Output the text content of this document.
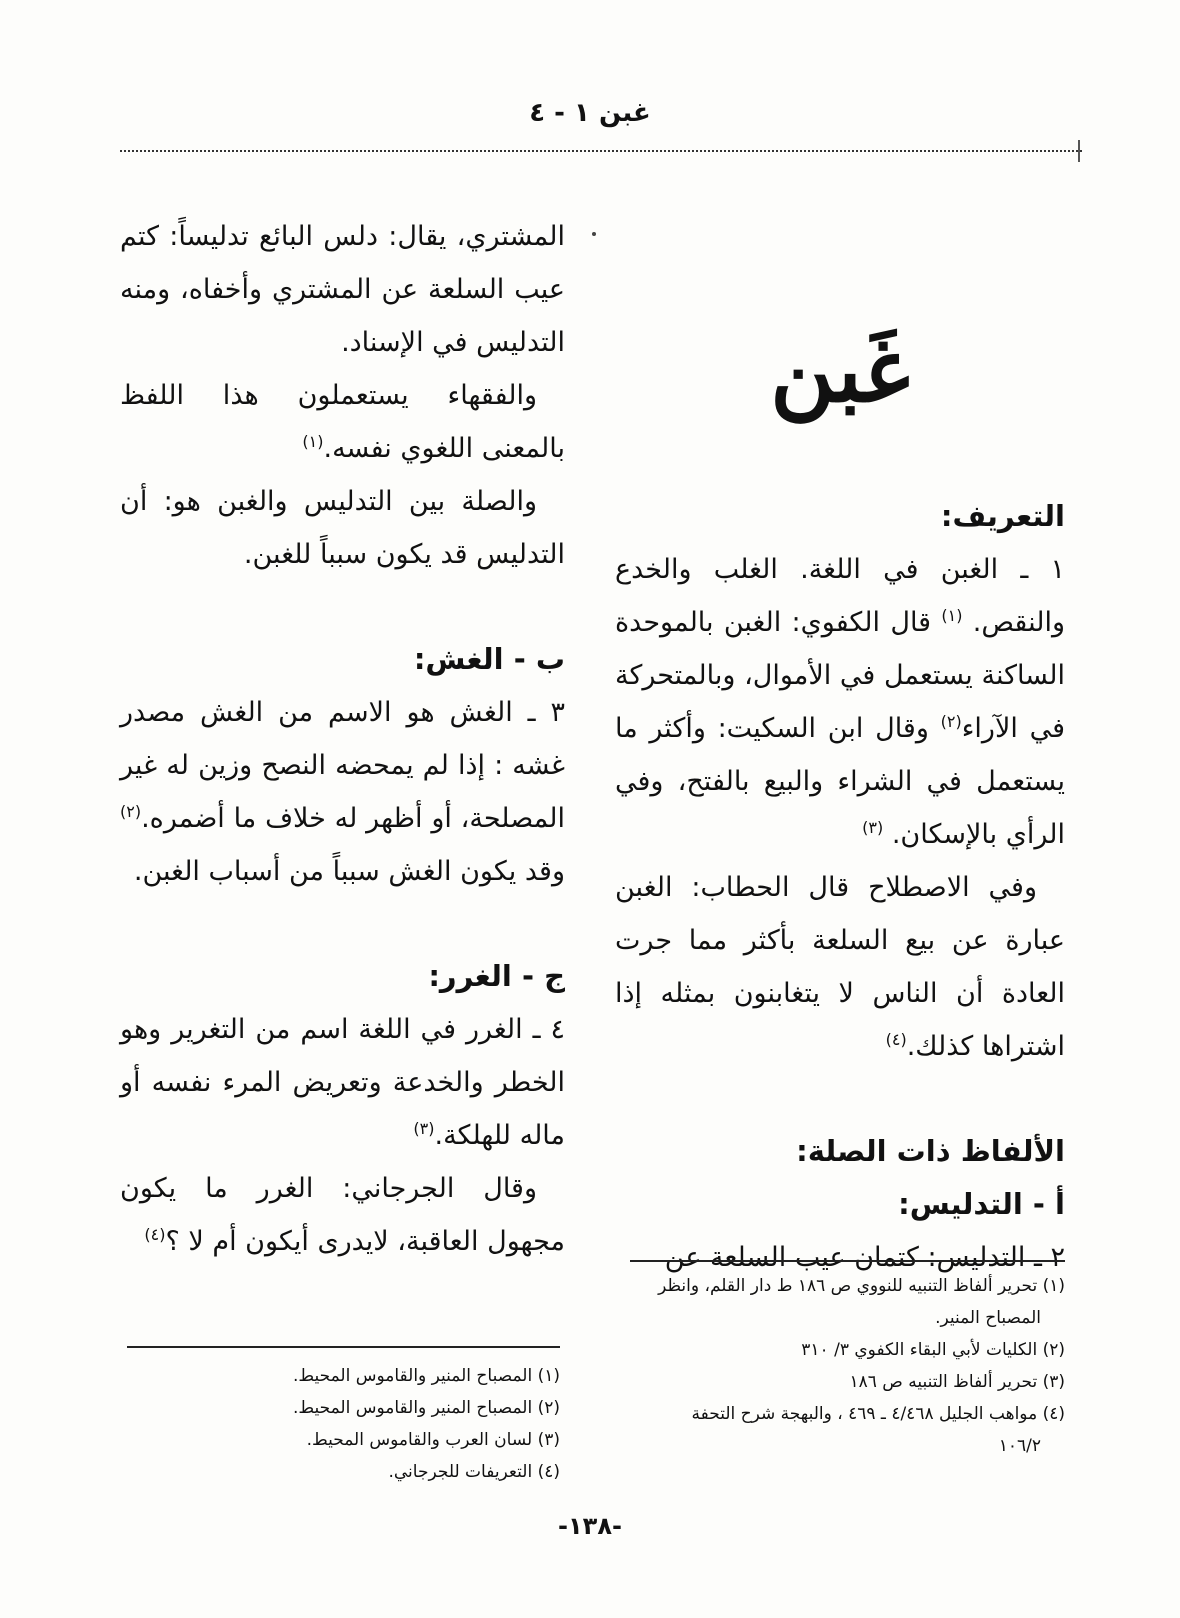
غبن ١ - ٤
غَبن

التعريف:

١ ـ الغبن في اللغة. الغلب والخدع والنقص. $^{(١)}$ قال الكفوي: الغبن بالموحدة الساكنة يستعمل في الأموال، وبالمتحركة في الآراء$^{(٢)}$ وقال ابن السكيت: وأكثر ما يستعمل في الشراء والبيع بالفتح، وفي الرأي بالإسكان. $^{(٣)}$

وفي الاصطلاح قال الحطاب: الغبن عبارة عن بيع السلعة بأكثر مما جرت العادة أن الناس لا يتغابنون بمثله إذا اشتراها كذلك.$^{(٤)}$

الألفاظ ذات الصلة:

أ - التدليس:

٢ ـ التدليس: كتمان عيب السلعة عن

(١) تحرير ألفاظ التنبيه للنووي ص ١٨٦ ط دار القلم، وانظر
المصباح المنير.
(٢) الكليات لأبي البقاء الكفوي ٣/ ٣١٠
(٣) تحرير ألفاظ التنبيه ص ١٨٦
(٤) مواهب الجليل ٤/٤٦٨ ـ ٤٦٩ ، والبهجة شرح التحفة
١٠٦/٢

المشتري، يقال: دلس البائع تدليساً: كتم عيب السلعة عن المشتري وأخفاه، ومنه التدليس في الإسناد.

والفقهاء يستعملون هذا اللفظ بالمعنى اللغوي نفسه.$^{(١)}$

والصلة بين التدليس والغبن هو: أن التدليس قد يكون سبباً للغبن.

ب - الغش:

٣ ـ الغش هو الاسم من الغش مصدر غشه : إذا لم يمحضه النصح وزين له غير المصلحة، أو أظهر له خلاف ما أضمره.$^{(٢)}$ وقد يكون الغش سبباً من أسباب الغبن.

ج - الغرر:

٤ ـ الغرر في اللغة اسم من التغرير وهو الخطر والخدعة وتعريض المرء نفسه أو ماله للهلكة.$^{(٣)}$

وقال الجرجاني: الغرر ما يكون مجهول العاقبة، لايدرى أيكون أم لا ؟$^{(٤)}$

(١) المصباح المنير والقاموس المحيط.
(٢) المصباح المنير والقاموس المحيط.
(٣) لسان العرب والقاموس المحيط.
(٤) التعريفات للجرجاني.
-١٣٨-
